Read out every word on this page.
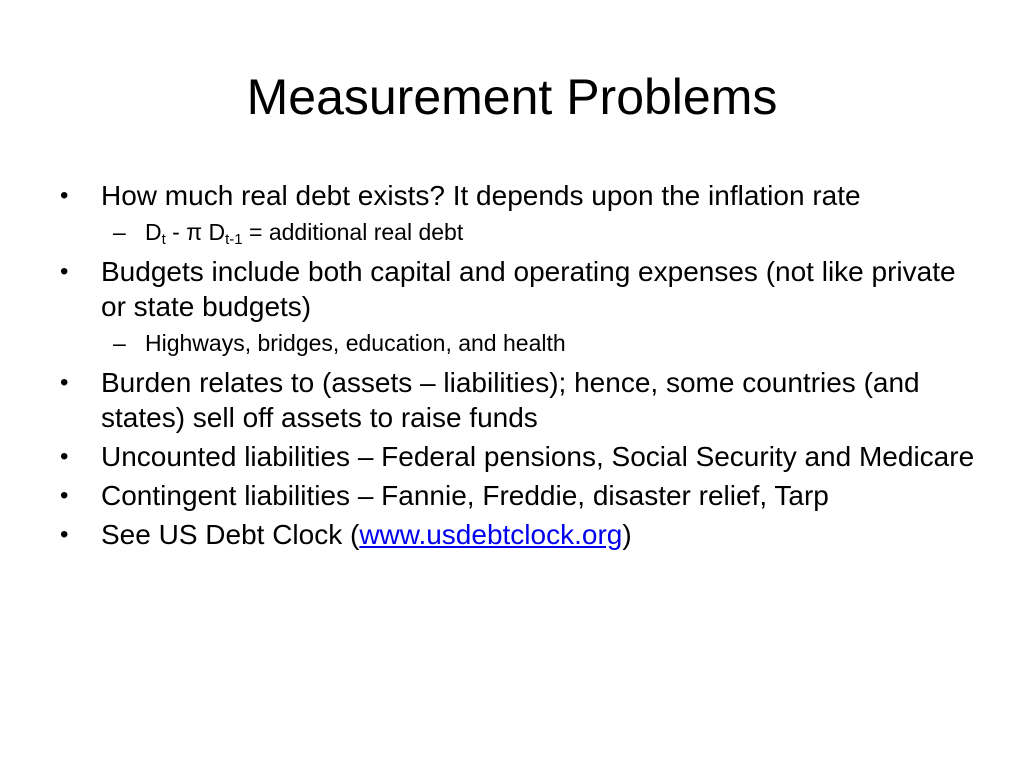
Measurement Problems
•	How much real debt exists? It depends upon the inflation rate
– $D_t$ - π $D_{t-1}$ = additional real debt
•	Budgets include both capital and operating expenses (not like private or state budgets)
– Highways, bridges, education, and health
•	Burden relates to (assets – liabilities); hence, some countries (and states) sell off assets to raise funds
•	Uncounted liabilities – Federal pensions, Social Security and Medicare
•	Contingent liabilities – Fannie, Freddie, disaster relief, Tarp
•	See US Debt Clock (www.usdebtclock.org)
